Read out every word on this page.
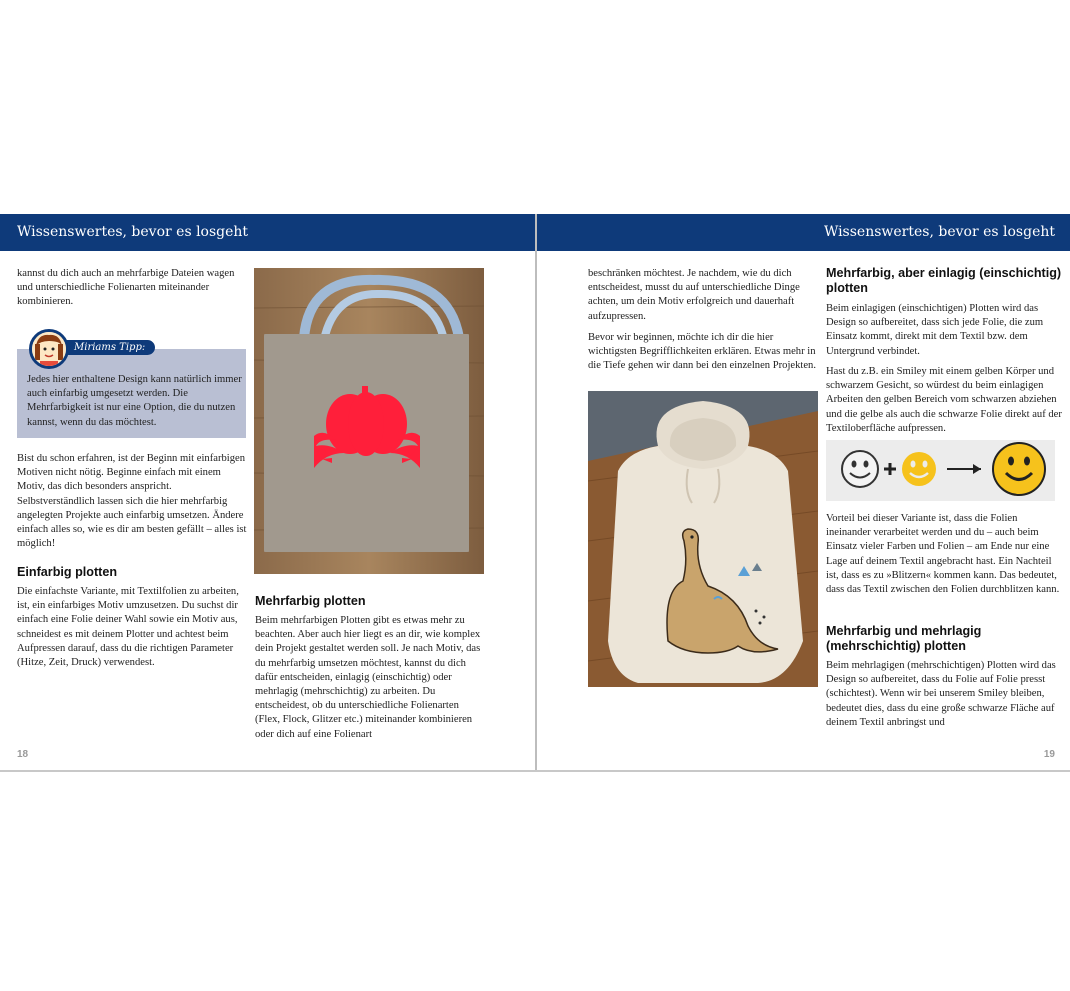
Wissenswertes, bevor es losgeht
kannst du dich auch an mehrfarbige Dateien wagen und unterschiedliche Folienarten miteinander kombinieren.
Jedes hier enthaltene Design kann natürlich immer auch einfarbig umgesetzt werden. Die Mehrfarbigkeit ist nur eine Option, die du nutzen kannst, wenn du das möchtest.
Miriams Tipp:
Bist du schon erfahren, ist der Beginn mit einfarbigen Motiven nicht nötig. Beginne einfach mit einem Motiv, das dich besonders anspricht. Selbstverständlich lassen sich die hier mehrfarbig angelegten Projekte auch einfarbig umsetzen. Ändere einfach alles so, wie es dir am besten gefällt – alles ist möglich!
Einfarbig plotten
Die einfachste Variante, mit Textilfolien zu arbeiten, ist, ein einfarbiges Motiv umzusetzen. Du suchst dir einfach eine Folie deiner Wahl sowie ein Motiv aus, schneidest es mit deinem Plotter und achtest beim Aufpressen darauf, dass du die richtigen Parameter (Hitze, Zeit, Druck) verwendest.
Mehrfarbig plotten
Beim mehrfarbigen Plotten gibt es etwas mehr zu beachten. Aber auch hier liegt es an dir, wie komplex dein Projekt gestaltet werden soll. Je nach Motiv, das du mehrfarbig umsetzen möchtest, kannst du dich dafür entscheiden, einlagig (einschichtig) oder mehrlagig (mehrschichtig) zu arbeiten. Du entscheidest, ob du unterschiedliche Folienarten (Flex, Flock, Glitzer etc.) miteinander kombinieren oder dich auf eine Folienart
18
Wissenswertes, bevor es losgeht
beschränken möchtest. Je nachdem, wie du dich entscheidest, musst du auf unterschiedliche Dinge achten, um dein Motiv erfolgreich und dauerhaft aufzupressen.
Bevor wir beginnen, möchte ich dir die hier wichtigsten Begrifflichkeiten erklären. Etwas mehr in die Tiefe gehen wir dann bei den einzelnen Projekten.
Mehrfarbig, aber einlagig (einschichtig) plotten
Beim einlagigen (einschichtigen) Plotten wird das Design so aufbereitet, dass sich jede Folie, die zum Einsatz kommt, direkt mit dem Textil bzw. dem Untergrund verbindet.
Hast du z.B. ein Smiley mit einem gelben Körper und schwarzem Gesicht, so würdest du beim einlagigen Arbeiten den gelben Bereich vom schwarzen abziehen und die gelbe als auch die schwarze Folie direkt auf der Textiloberfläche aufpressen.
Vorteil bei dieser Variante ist, dass die Folien ineinander verarbeitet werden und du – auch beim Einsatz vieler Farben und Folien – am Ende nur eine Lage auf deinem Textil angebracht hast. Ein Nachteil ist, dass es zu »Blitzern« kommen kann. Das bedeutet, dass das Textil zwischen den Folien durchblitzen kann.
Mehrfarbig und mehrlagig (mehrschichtig) plotten
Beim mehrlagigen (mehrschichtigen) Plotten wird das Design so aufbereitet, dass du Folie auf Folie presst (schichtest). Wenn wir bei unserem Smiley bleiben, bedeutet dies, dass du eine große schwarze Fläche auf deinem Textil anbringst und
19
